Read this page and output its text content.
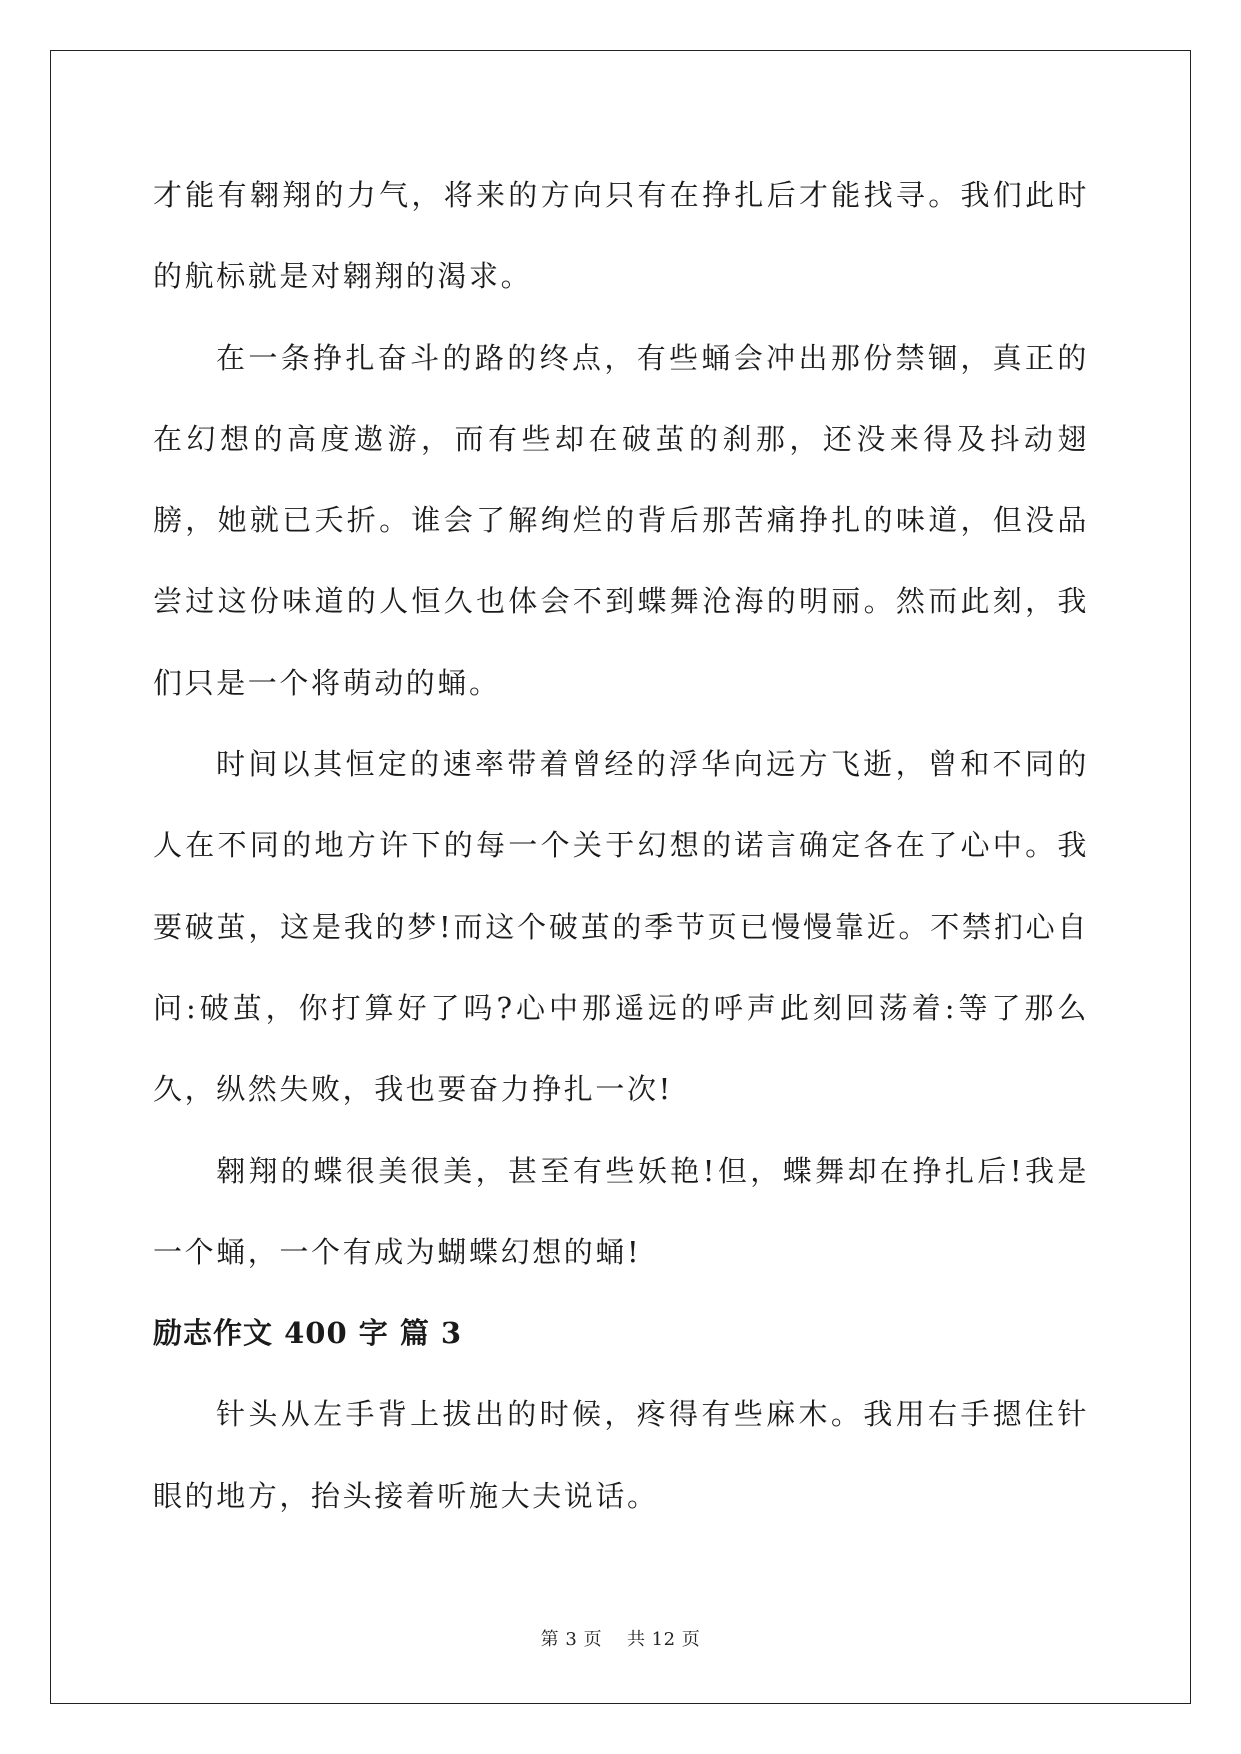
才能有翱翔的力气，将来的方向只有在挣扎后才能找寻。我们此时的航标就是对翱翔的渴求。

在一条挣扎奋斗的路的终点，有些蛹会冲出那份禁锢，真正的在幻想的高度遨游，而有些却在破茧的刹那，还没来得及抖动翅膀，她就已夭折。谁会了解绚烂的背后那苦痛挣扎的味道，但没品尝过这份味道的人恒久也体会不到蝶舞沧海的明丽。然而此刻，我们只是一个将萌动的蛹。

时间以其恒定的速率带着曾经的浮华向远方飞逝，曾和不同的人在不同的地方许下的每一个关于幻想的诺言确定各在了心中。我要破茧，这是我的梦!而这个破茧的季节页已慢慢靠近。不禁扪心自问:破茧，你打算好了吗?心中那遥远的呼声此刻回荡着:等了那么久，纵然失败，我也要奋力挣扎一次!

翱翔的蝶很美很美，甚至有些妖艳!但，蝶舞却在挣扎后!我是一个蛹，一个有成为蝴蝶幻想的蛹!

励志作文 400 字 篇 3

针头从左手背上拔出的时候，疼得有些麻木。我用右手摁住针眼的地方，抬头接着听施大夫说话。

第 3 页    共 12 页
